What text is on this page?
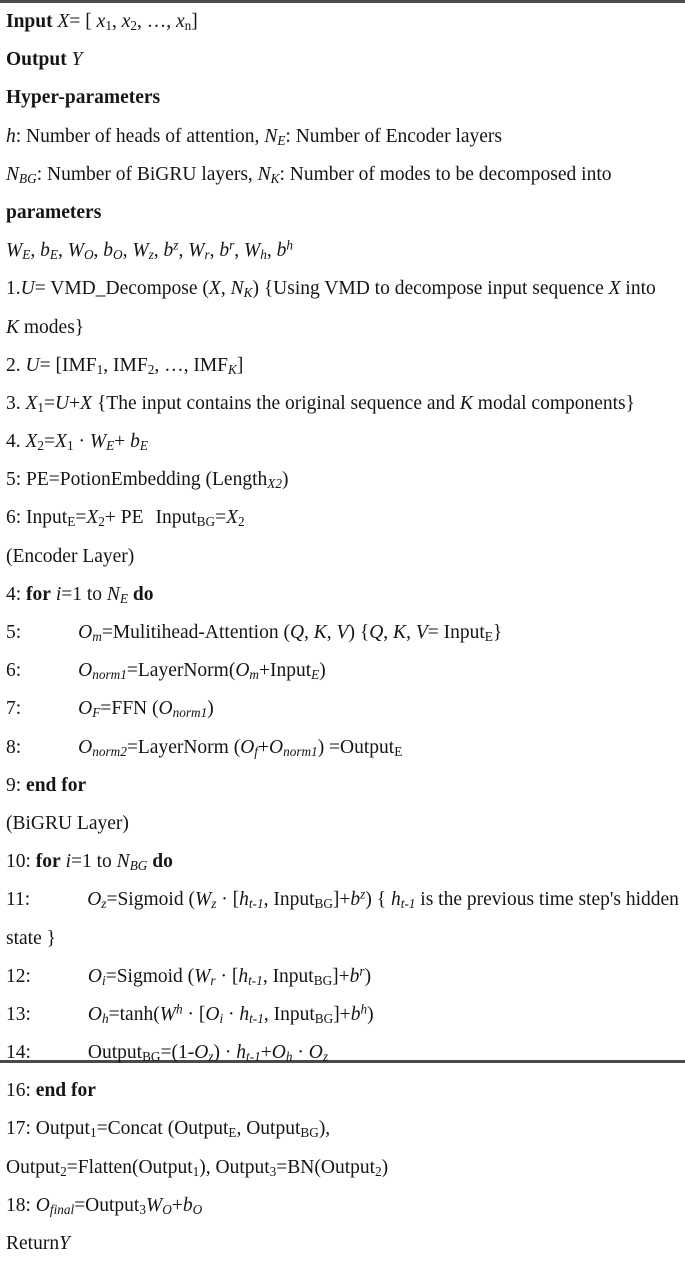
Input X= [ $x_1$, $x_2$, …, $x_n$]
Output Y
Hyper-parameters
h: Number of heads of attention, $N_E$: Number of Encoder layers
$N_{BG}$: Number of BiGRU layers, $N_K$: Number of modes to be decomposed into
parameters
$W_E$, $b_E$, $W_O$, $b_O$, $W_z$, $b^z$, $W_r$, $b^r$, $W_h$, $b^h$
1.U= VMD_Decompose (X, $N_K$) {Using VMD to decompose input sequence X into
K modes}
2. $U= [IMF_1$, $IMF_2$, …, $IMF_K$]
3. $X_1=U+X$ {The input contains the original sequence and K modal components}
4. $X_2=X_1 \cdot W_E+ b_E$
5: PE=PotionEmbedding (Length$_{X2}$)
6: $Input_E=X_2+$ PE $Input_{BG}=X_2$
(Encoder Layer)
4: for i=1 to $N_E$ do
5:	$O_m=Mulitihead$-Attention (Q, K, V) {Q, K, V= Input$_E$}
6:	$O_{norm1}=LayerNorm(O_m+Input_E)$
7:	$O_F=FFN$ $(O_{norm1})$
8:	$O_{norm2}=LayerNorm$ $(O_f+O_{norm1})$ =Output$_E$
9: end for
(BiGRU Layer)
10: for i=1 to $N_{BG}$ do
11:	$O_z=Sigmoid$ ($W_z \cdot [h_{t-1}$, $Input_{BG}]+b^z$) { $h_{t-1}$ is the previous time step's hidden
state }
12:	$O_i=Sigmoid$ ($W_r \cdot [h_{t-1}$, $Input_{BG}]+b^r$)
13:	$O_h=\tanh(W^h \cdot [O_i \cdot h_{t-1}$, $Input_{BG}]+b^h$)
14:	$Output_{BG}=(1-O_z) \cdot h_{t-1}+O_h \cdot O_z$
16: end for
17: Output$_1$=Concat (Output$_E$, Output$_{BG}$),
Output$_2$=Flatten(Output$_1$), Output$_3$=BN(Output$_2$)
18: $O_{final}=Output_3W_O+b_O$
ReturnY
